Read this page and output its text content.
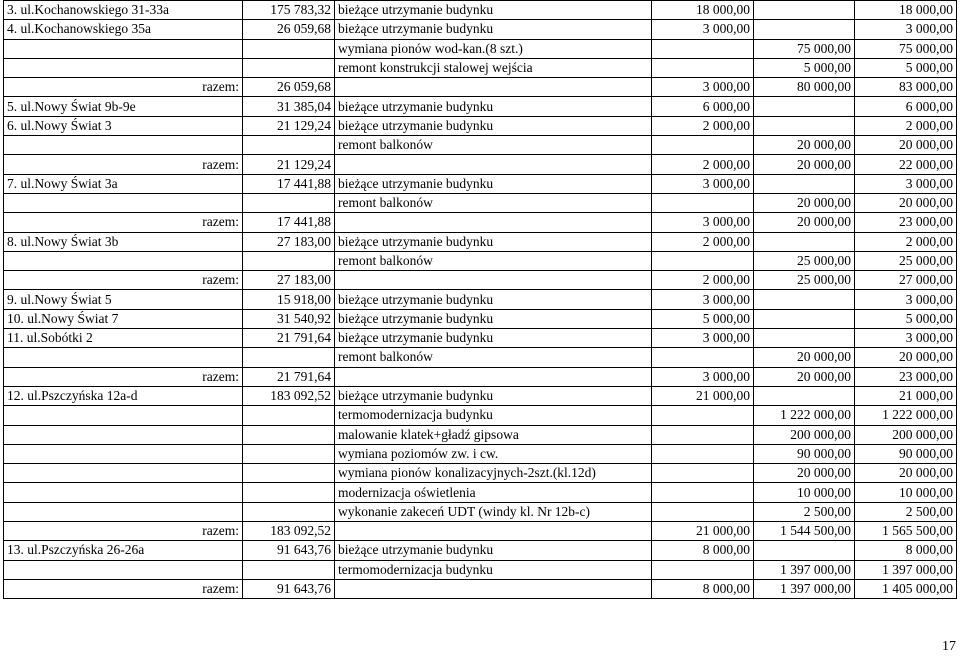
3. ul.Kochanowskiego 31-33a	175 783,32	bieżące utrzymanie budynku	18 000,00		18 000,00
4. ul.Kochanowskiego 35a	26 059,68	bieżące utrzymanie budynku	3 000,00		3 000,00
		wymiana pionów wod-kan.(8 szt.)		75 000,00	75 000,00
		remont konstrukcji stalowej wejścia		5 000,00	5 000,00
razem:	26 059,68		3 000,00	80 000,00	83 000,00
5. ul.Nowy Świat 9b-9e	31 385,04	bieżące utrzymanie budynku	6 000,00		6 000,00
6. ul.Nowy Świat 3	21 129,24	bieżące utrzymanie budynku	2 000,00		2 000,00
		remont balkonów		20 000,00	20 000,00
razem:	21 129,24		2 000,00	20 000,00	22 000,00
7. ul.Nowy Świat 3a	17 441,88	bieżące utrzymanie budynku	3 000,00		3 000,00
		remont balkonów		20 000,00	20 000,00
razem:	17 441,88		3 000,00	20 000,00	23 000,00
8. ul.Nowy Świat 3b	27 183,00	bieżące utrzymanie budynku	2 000,00		2 000,00
		remont balkonów		25 000,00	25 000,00
razem:	27 183,00		2 000,00	25 000,00	27 000,00
9. ul.Nowy Świat 5	15 918,00	bieżące utrzymanie budynku	3 000,00		3 000,00
10. ul.Nowy Świat 7	31 540,92	bieżące utrzymanie budynku	5 000,00		5 000,00
11. ul.Sobótki 2	21 791,64	bieżące utrzymanie budynku	3 000,00		3 000,00
		remont balkonów		20 000,00	20 000,00
razem:	21 791,64		3 000,00	20 000,00	23 000,00
12. ul.Pszczyńska 12a-d	183 092,52	bieżące utrzymanie budynku	21 000,00		21 000,00
		termomodernizacja budynku		1 222 000,00	1 222 000,00
		malowanie klatek+gładź gipsowa		200 000,00	200 000,00
		wymiana poziomów zw. i cw.		90 000,00	90 000,00
		wymiana pionów konalizacyjnych-2szt.(kl.12d)		20 000,00	20 000,00
		modernizacja oświetlenia		10 000,00	10 000,00
		wykonanie zakeceń UDT (windy kl. Nr 12b-c)		2 500,00	2 500,00
razem:	183 092,52		21 000,00	1 544 500,00	1 565 500,00
13. ul.Pszczyńska 26-26a	91 643,76	bieżące utrzymanie budynku	8 000,00		8 000,00
		termomodernizacja budynku		1 397 000,00	1 397 000,00
razem:	91 643,76		8 000,00	1 397 000,00	1 405 000,00
17
